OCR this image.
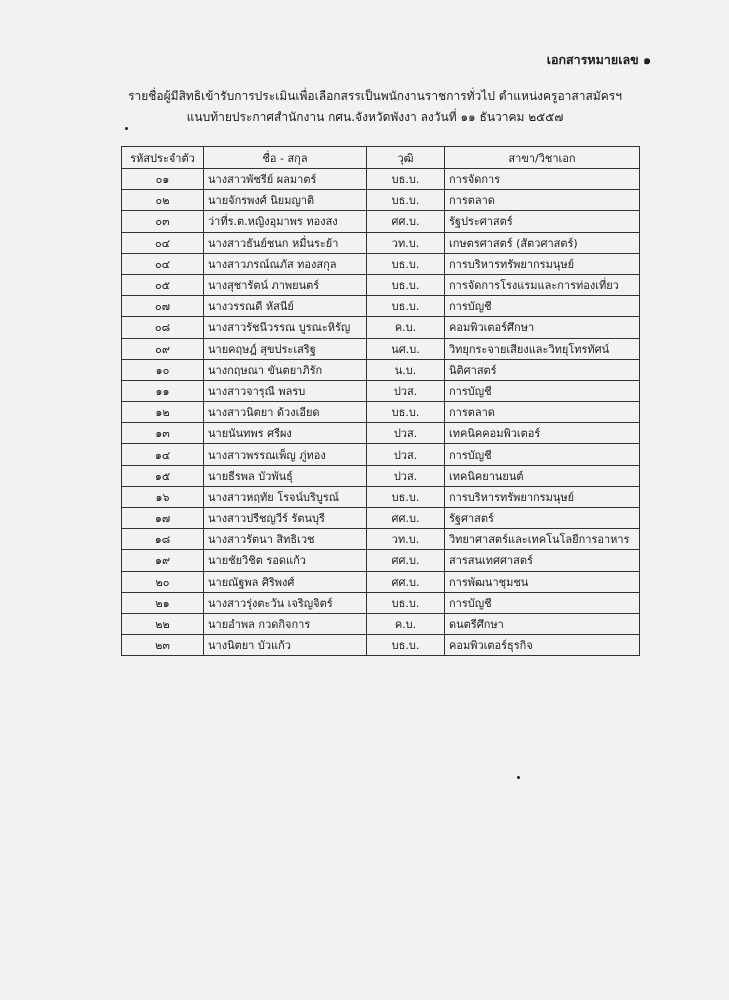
เอกสารหมายเลข ๑
รายชื่อผู้มีสิทธิเข้ารับการประเมินเพื่อเลือกสรรเป็นพนักงานราชการทั่วไป ตำแหน่งครูอาสาสมัครฯ
แนบท้ายประกาศสำนักงาน กศน.จังหวัดพังงา ลงวันที่ ๑๑ ธันวาคม ๒๕๕๗
รหัสประจำตัว	ชื่อ - สกุล	วุฒิ	สาขา/วิชาเอก
๐๑	นางสาวพัชรีย์ ผลมาตร์	บธ.บ.	การจัดการ
๐๒	นายจักรพงศ์ นิยมญาติ	บธ.บ.	การตลาด
๐๓	ว่าที่ร.ต.หญิงอุมาพร ทองสง	ศศ.บ.	รัฐประศาสตร์
๐๔	นางสาวธันย์ชนก หมื่นระย้า	วท.บ.	เกษตรศาสตร์ (สัตวศาสตร์)
๐๔	นางสาวภรณ์ณภัส ทองสกุล	บธ.บ.	การบริหารทรัพยากรมนุษย์
๐๕	นางสุชารัตน์ ภาพยนตร์	บธ.บ.	การจัดการโรงแรมและการท่องเที่ยว
๐๗	นางวรรณดี หัสนีย์	บธ.บ.	การบัญชี
๐๘	นางสาวรัชนีวรรณ บูรณะหิรัญ	ค.บ.	คอมพิวเตอร์ศึกษา
๐๙	นายคฤษฎ์ สุขประเสริฐ	นศ.บ.	วิทยุกระจายเสียงและวิทยุโทรทัศน์
๑๐	นางกฤษณา ขันตยาภิรัก	น.บ.	นิติศาสตร์
๑๑	นางสาวจารุณี พลรบ	ปวส.	การบัญชี
๑๒	นางสาวนิตยา ด้วงเอียด	บธ.บ.	การตลาด
๑๓	นายนันทพร ศรีผง	ปวส.	เทคนิคคอมพิวเตอร์
๑๔	นางสาวพรรณเพ็ญ ภู่ทอง	ปวส.	การบัญชี
๑๕	นายธีรพล บัวพันธุ์	ปวส.	เทคนิคยานยนต์
๑๖	นางสาวหฤทัย โรจน์บริบูรณ์	บธ.บ.	การบริหารทรัพยากรมนุษย์
๑๗	นางสาวปรีชญวีร์ รัตนบุรี	ศศ.บ.	รัฐศาสตร์
๑๘	นางสาวรัตนา สิทธิเวช	วท.บ.	วิทยาศาสตร์และเทคโนโลยีการอาหาร
๑๙	นายชัยวิชิต รอดแก้ว	ศศ.บ.	สารสนเทศศาสตร์
๒๐	นายณัฐพล ศิริพงศ์	ศศ.บ.	การพัฒนาชุมชน
๒๑	นางสาวรุ่งตะวัน เจริญจิตร์	บธ.บ.	การบัญชี
๒๒	นายอำพล กวดกิจการ	ค.บ.	ดนตรีศึกษา
๒๓	นางนิตยา บัวแก้ว	บธ.บ.	คอมพิวเตอร์ธุรกิจ
